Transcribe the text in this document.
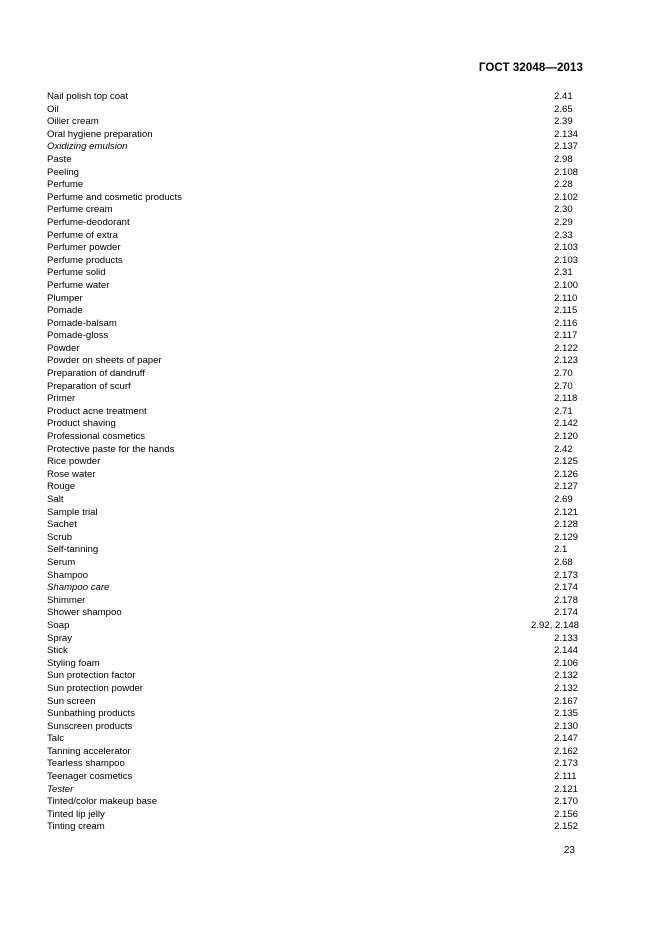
ГОСТ 32048—2013
Nail polish top coat	2.41
Oil	2.65
Oilier cream	2.39
Oral hygiene preparation	2.134
Oxidizing emulsion	2.137
Paste	2.98
Peeling	2.108
Perfume	2.28
Perfume and cosmetic products	2.102
Perfume cream	2.30
Perfume-deodorant	2.29
Perfume of extra	2.33
Perfumer powder	2.103
Perfume products	2.103
Perfume solid	2.31
Perfume water	2.100
Plumper	2.110
Pomade	2.115
Pomade-balsam	2.116
Pomade-gloss	2.117
Powder	2.122
Powder on sheets of paper	2.123
Preparation of dandruff	2.70
Preparation of scurf	2.70
Primer	2.118
Product acne treatment	2.71
Product shaving	2.142
Professional cosmetics	2.120
Protective paste for the hands	2.42
Rice powder	2.125
Rose water	2.126
Rouge	2.127
Salt	2.69
Sample trial	2.121
Sachet	2.128
Scrub	2.129
Self-tanning	2.1
Serum	2.68
Shampoo	2.173
Shampoo care	2.174
Shimmer	2.178
Shower shampoo	2.174
Soap	2.92, 2.148
Spray	2.133
Stick	2.144
Styling foam	2.106
Sun protection factor	2.132
Sun protection powder	2.132
Sun screen	2.167
Sunbathing products	2.135
Sunscreen products	2.130
Talc	2.147
Tanning accelerator	2.162
Tearless shampoo	2.173
Teenager cosmetics	2.111
Tester	2.121
Tinted/color makeup base	2.170
Tinted lip jelly	2.156
Tinting cream	2.152
23
